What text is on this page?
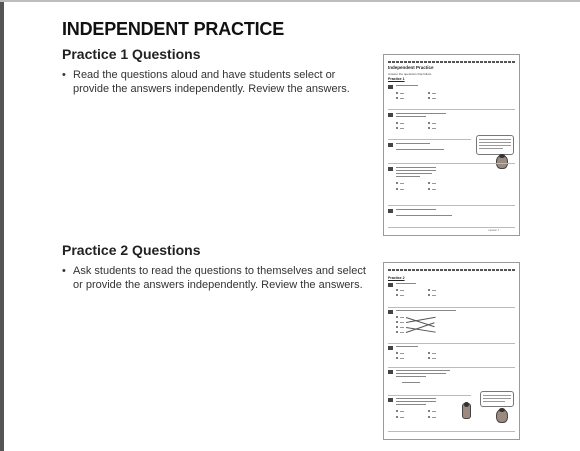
INDEPENDENT PRACTICE
Practice 1 Questions
• Read the questions aloud and have students select or provide the answers independently. Review the answers.
Practice 2 Questions
• Ask students to read the questions to themselves and select or provide the answers independently. Review the answers.
Independent Practice
Answer the questions that follow.
Practice 1
Lesson 7
Practice 2
